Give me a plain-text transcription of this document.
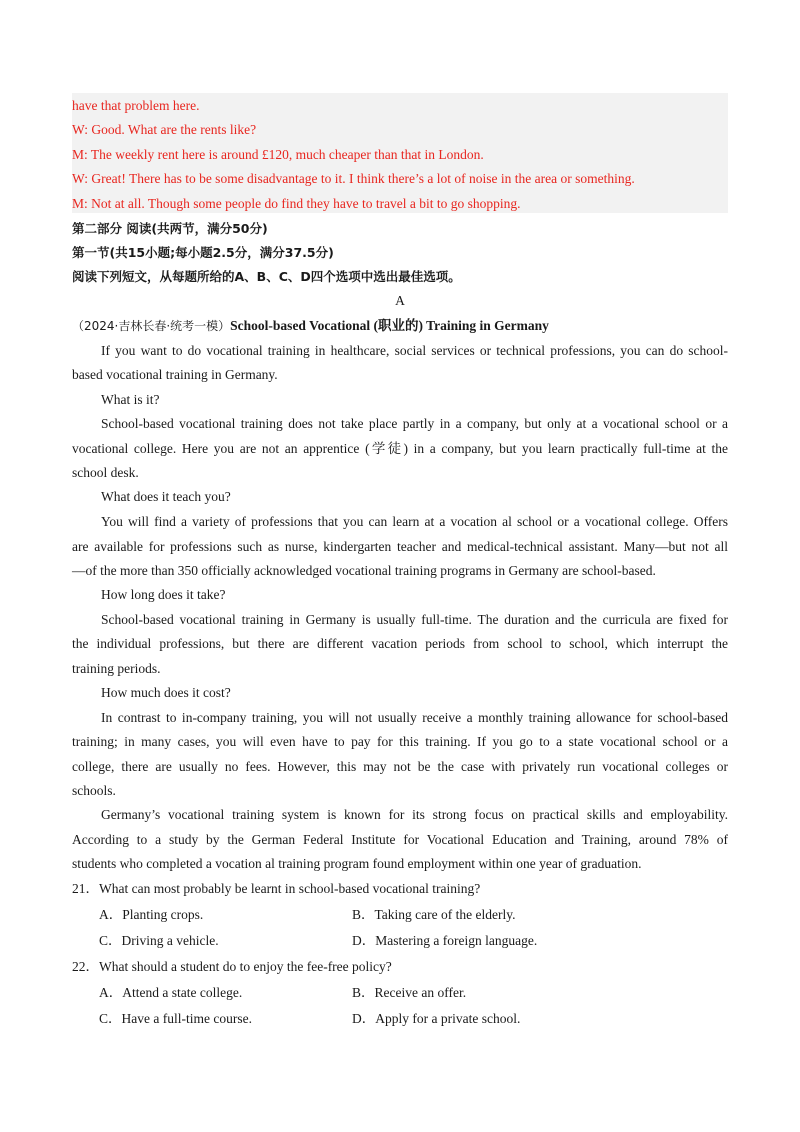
have that problem here.
W: Good. What are the rents like?
M: The weekly rent here is around £120, much cheaper than that in London.
W: Great! There has to be some disadvantage to it. I think there’s a lot of noise in the area or something.
M: Not at all. Though some people do find they have to travel a bit to go shopping.
第二部分 阅读(共两节，满分50分)
第一节(共15小题;每小题2.5分，满分37.5分)
阅读下列短文，从每题所给的A、B、C、D四个选项中选出最佳选项。
A
（2024·吉林长春·统考一模）School-based Vocational (职业的) Training in Germany
If you want to do vocational training in healthcare, social services or technical professions, you can do school-
based vocational training in Germany.
What is it?
School-based vocational training does not take place partly in a company, but only at a vocational school or a
vocational college. Here you are not an apprentice (学徒) in a company, but you learn practically full-time at the
school desk.
What does it teach you?
You will find a variety of professions that you can learn at a vocation al school or a vocational college. Offers
are available for professions such as nurse, kindergarten teacher and medical-technical assistant. Many—but not all
—of the more than 350 officially acknowledged vocational training programs in Germany are school-based.
How long does it take?
School-based vocational training in Germany is usually full-time. The duration and the curricula are fixed for
the individual professions, but there are different vacation periods from school to school, which interrupt the
training periods.
How much does it cost?
In contrast to in-company training, you will not usually receive a monthly training allowance for school-based
training; in many cases, you will even have to pay for this training. If you go to a state vocational school or a
college, there are usually no fees. However, this may not be the case with privately run vocational colleges or
schools.
Germany’s vocational training system is known for its strong focus on practical skills and employability.
According to a study by the German Federal Institute for Vocational Education and Training, around 78% of
students who completed a vocation al training program found employment within one year of graduation.
21．What can most probably be learnt in school-based vocational training?
A．Planting crops.	B．Taking care of the elderly.
C．Driving a vehicle.	D．Mastering a foreign language.
22．What should a student do to enjoy the fee-free policy?
A．Attend a state college.	B．Receive an offer.
C．Have a full-time course.	D．Apply for a private school.
